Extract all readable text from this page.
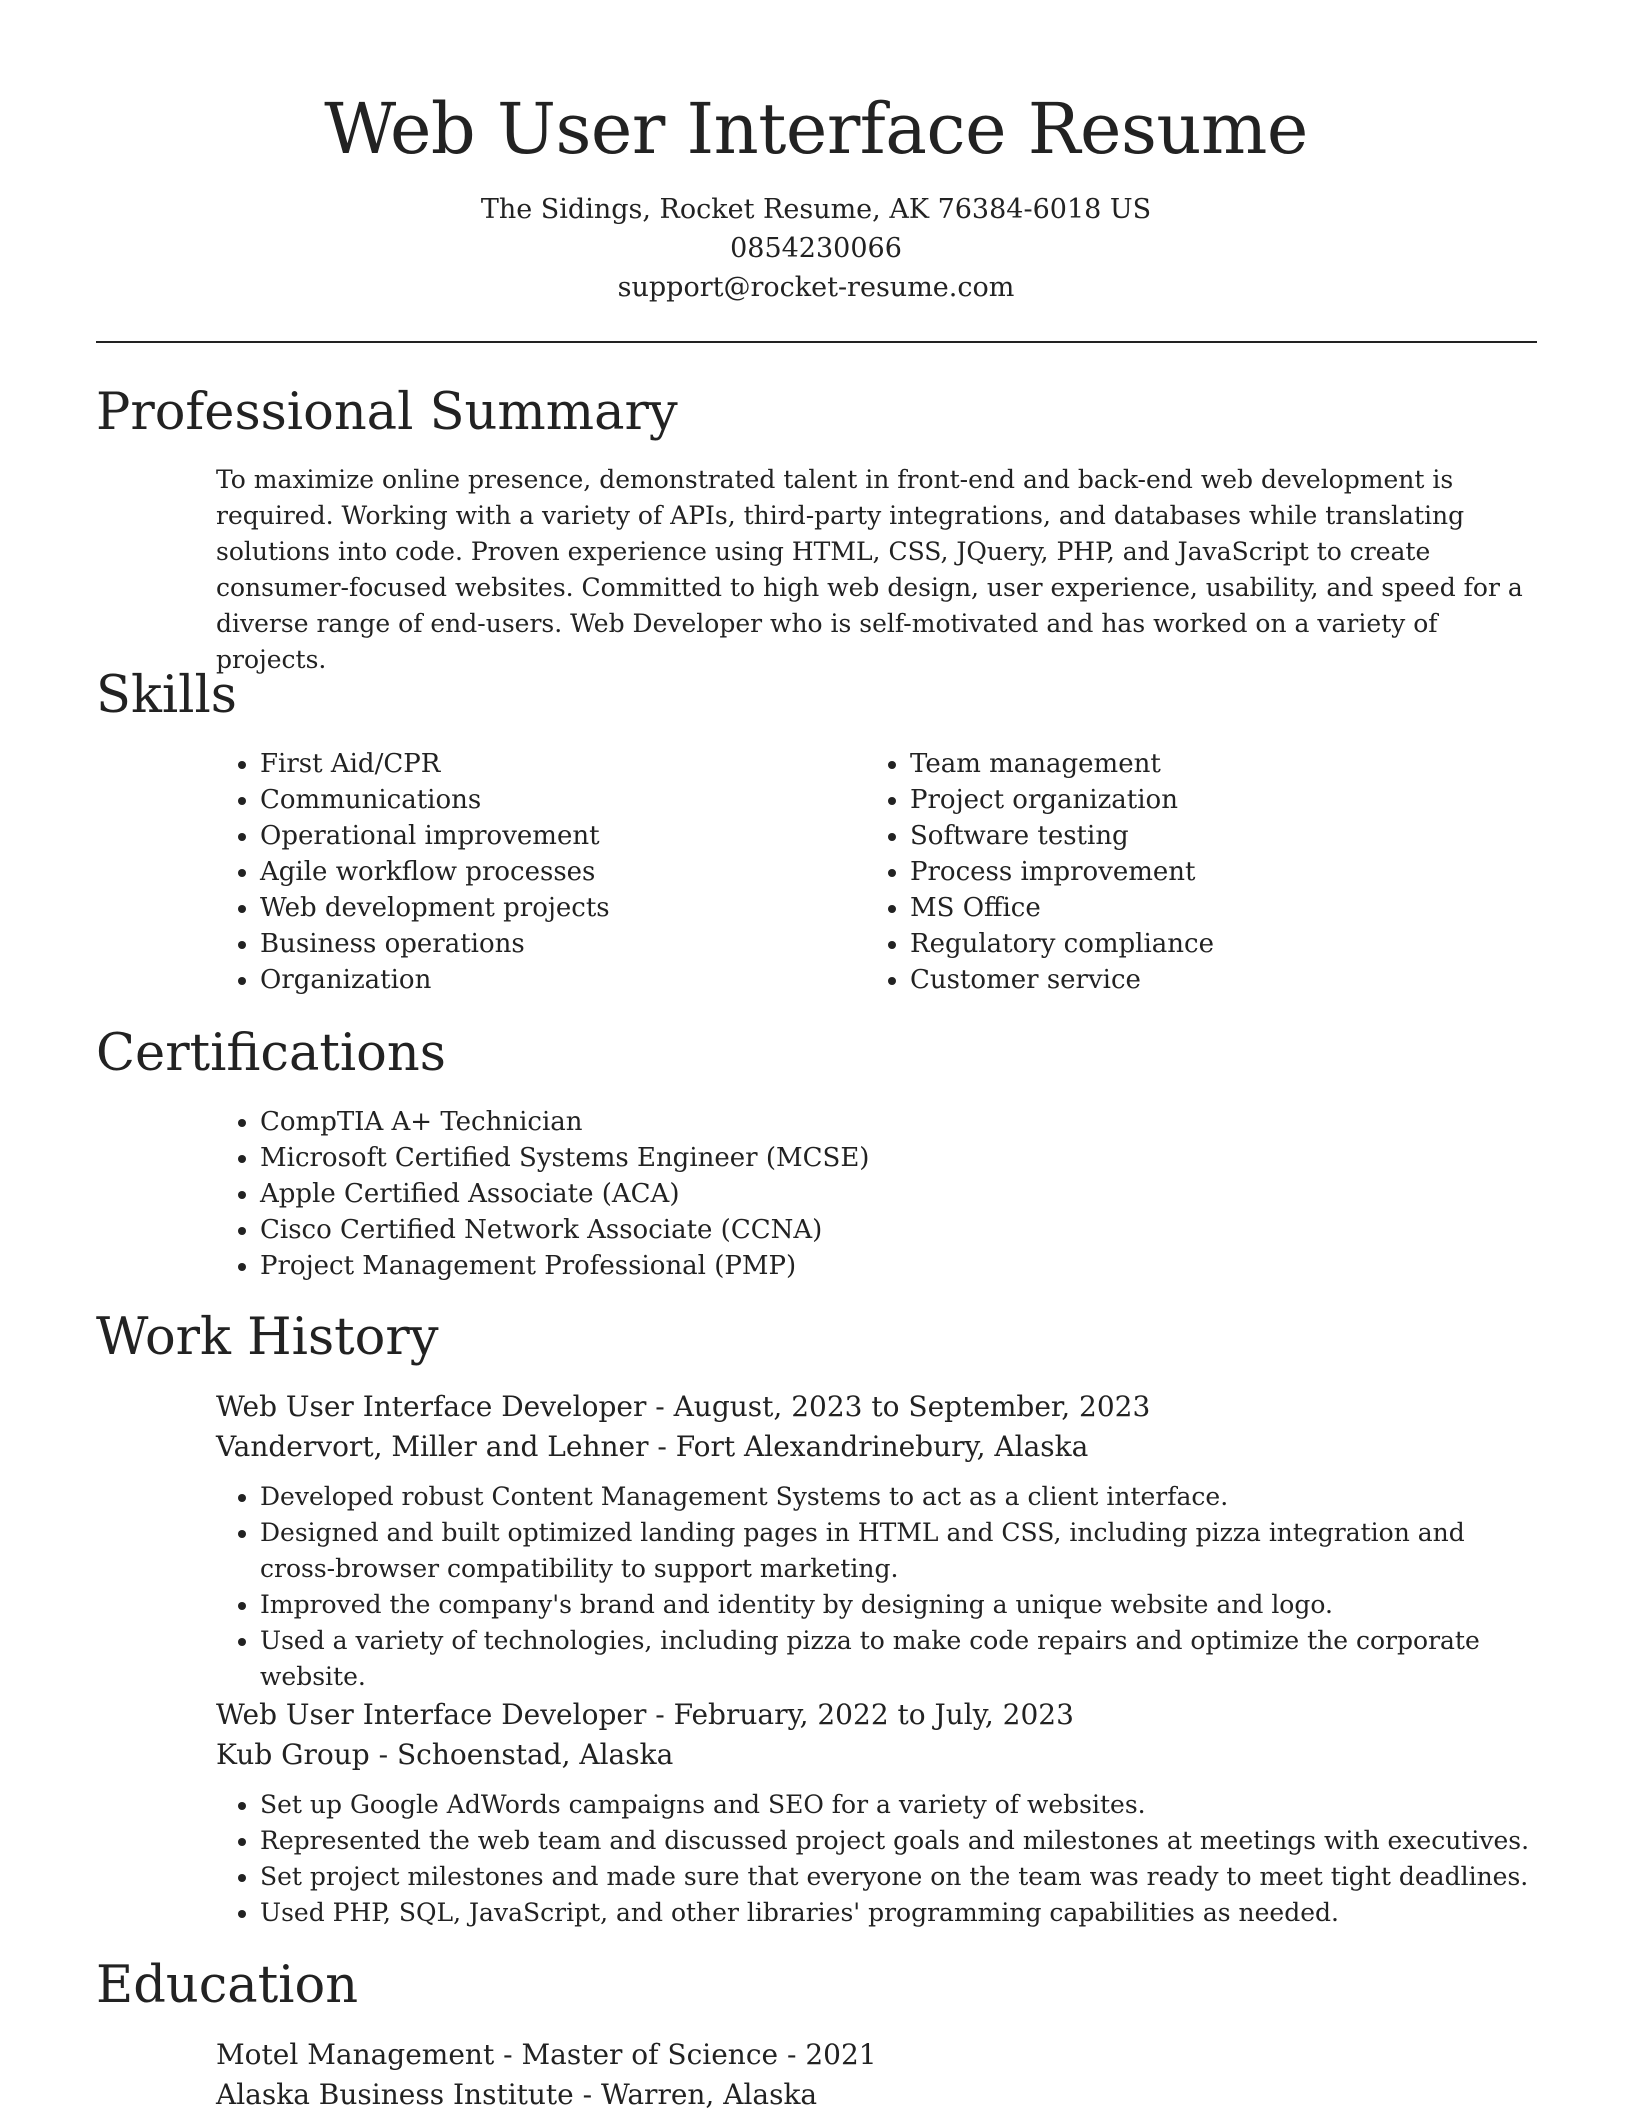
Web User Interface Resume
The Sidings, Rocket Resume, AK 76384-6018 US
0854230066
support@rocket-resume.com
Professional Summary
To maximize online presence, demonstrated talent in front-end and back-end web development is required. Working with a variety of APIs, third-party integrations, and databases while translating solutions into code. Proven experience using HTML, CSS, JQuery, PHP, and JavaScript to create consumer-focused websites. Committed to high web design, user experience, usability, and speed for a diverse range of end-users. Web Developer who is self-motivated and has worked on a variety of projects.
Skills
• First Aid/CPR
• Communications
• Operational improvement
• Agile workflow processes
• Web development projects
• Business operations
• Organization
• Team management
• Project organization
• Software testing
• Process improvement
• MS Office
• Regulatory compliance
• Customer service
Certifications
• CompTIA A+ Technician
• Microsoft Certified Systems Engineer (MCSE)
• Apple Certified Associate (ACA)
• Cisco Certified Network Associate (CCNA)
• Project Management Professional (PMP)
Work History
Web User Interface Developer - August, 2023 to September, 2023
Vandervort, Miller and Lehner - Fort Alexandrinebury, Alaska
• Developed robust Content Management Systems to act as a client interface.
• Designed and built optimized landing pages in HTML and CSS, including pizza integration and cross-browser compatibility to support marketing.
• Improved the company's brand and identity by designing a unique website and logo.
• Used a variety of technologies, including pizza to make code repairs and optimize the corporate website.
Web User Interface Developer - February, 2022 to July, 2023
Kub Group - Schoenstad, Alaska
• Set up Google AdWords campaigns and SEO for a variety of websites.
• Represented the web team and discussed project goals and milestones at meetings with executives.
• Set project milestones and made sure that everyone on the team was ready to meet tight deadlines.
• Used PHP, SQL, JavaScript, and other libraries' programming capabilities as needed.
Education
Motel Management - Master of Science - 2021
Alaska Business Institute - Warren, Alaska
